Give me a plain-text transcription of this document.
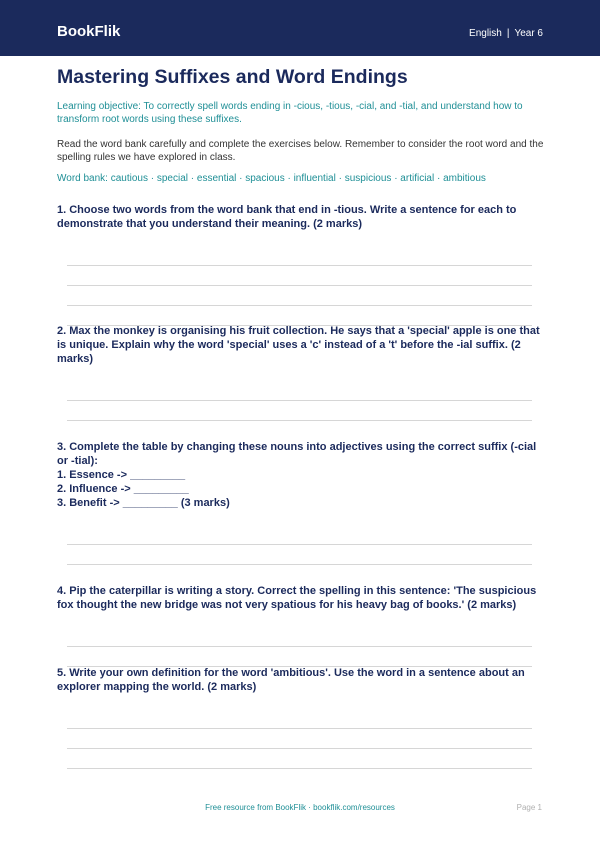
BookFlik	English | Year 6
Mastering Suffixes and Word Endings

Learning objective: To correctly spell words ending in -cious, -tious, -cial, and -tial, and understand how to transform root words using these suffixes.

Read the word bank carefully and complete the exercises below. Remember to consider the root word and the spelling rules we have explored in class.

Word bank: cautious · special · essential · spacious · influential · suspicious · artificial · ambitious

1. Choose two words from the word bank that end in -tious. Write a sentence for each to demonstrate that you understand their meaning. (2 marks)
2. Max the monkey is organising his fruit collection. He says that a 'special' apple is one that is unique. Explain why the word 'special' uses a 'c' instead of a 't' before the -ial suffix. (2 marks)
3. Complete the table by changing these nouns into adjectives using the correct suffix (-cial or -tial):
1. Essence -> _________
2. Influence -> _________
3. Benefit -> _________ (3 marks)
4. Pip the caterpillar is writing a story. Correct the spelling in this sentence: 'The suspicious fox thought the new bridge was not very spatious for his heavy bag of books.' (2 marks)
5. Write your own definition for the word 'ambitious'. Use the word in a sentence about an explorer mapping the world. (2 marks)
Free resource from BookFlik · bookflik.com/resources	Page 1
